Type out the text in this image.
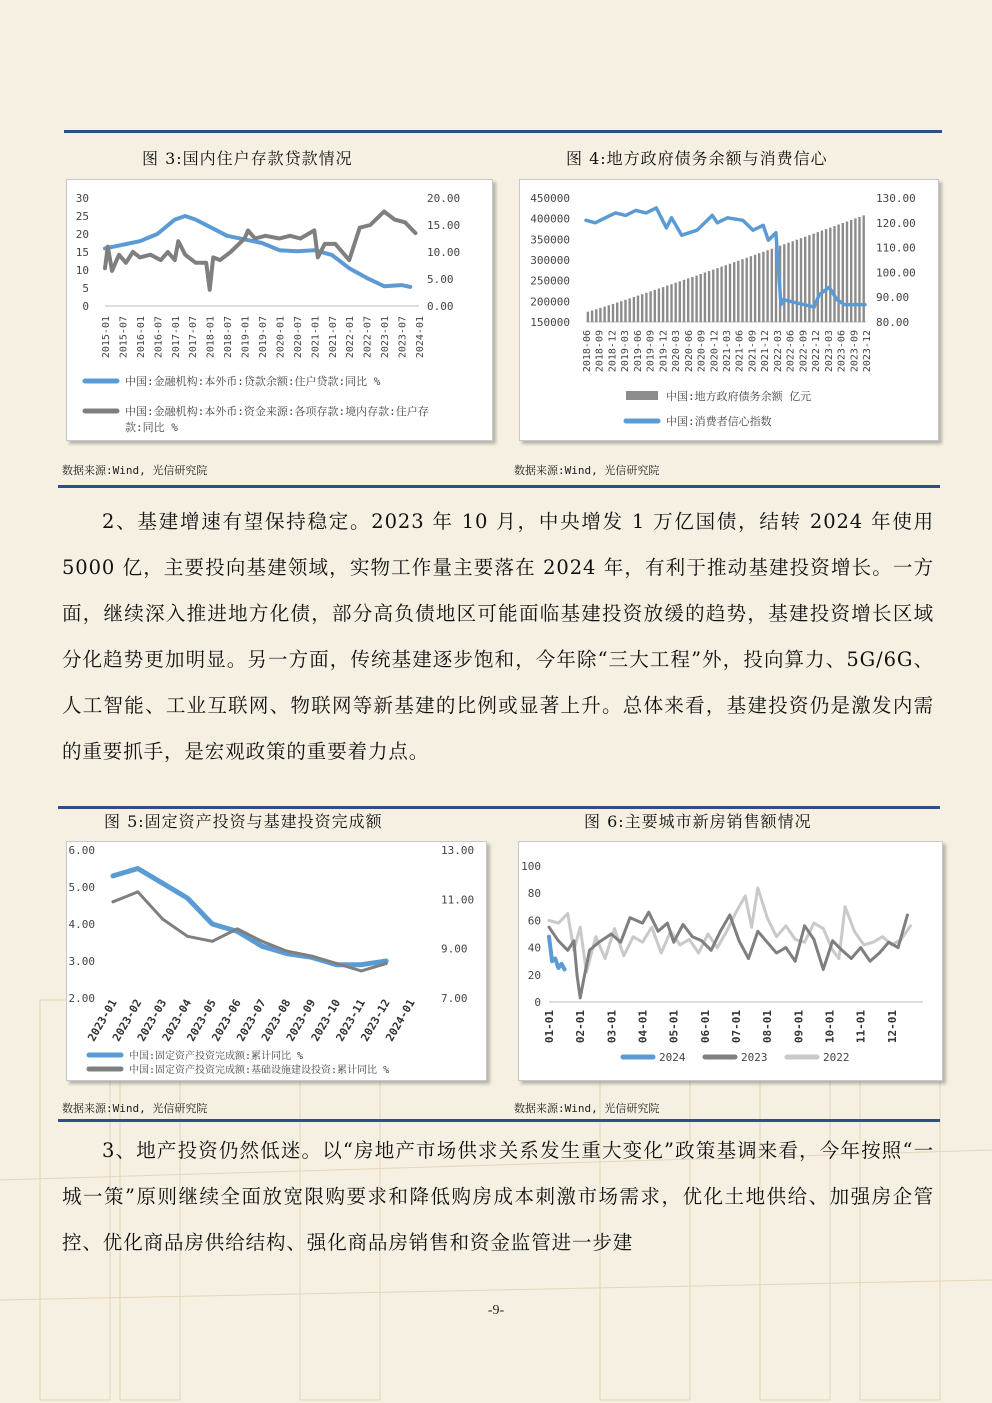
图 3:国内住户存款贷款情况	图 4:地方政府债务余额与消费信心
30
25
20
15
10
5
0
20.00
15.00
10.00
5.00
0.00
2015-01 2015-07 2016-01 2016-07 2017-01 2017-07 2018-01 2018-07 2019-01 2019-07 2020-01 2020-07 2021-01 2021-07 2022-01 2022-07 2023-01 2023-07 2024-01
中国:金融机构:本外币:贷款余额:住户贷款:同比 %
中国:金融机构:本外币:资金来源:各项存款:境内存款:住户存款:同比 %
450000
400000
350000
300000
250000
200000
150000
130.00
120.00
110.00
100.00
90.00
80.00
2018-06 2018-09 2018-12 2019-03 2019-06 2019-09 2019-12 2020-03 2020-06 2020-09 2020-12 2021-03 2021-06 2021-09 2021-12 2022-03 2022-06 2022-09 2022-12 2023-03 2023-06 2023-09 2023-12
中国:地方政府债务余额 亿元
中国:消费者信心指数
数据来源:Wind, 光信研究院	数据来源:Wind, 光信研究院

2、基建增速有望保持稳定。2023 年 10 月，中央增发 1 万亿国债，结转 2024 年使用 5000 亿，主要投向基建领域，实物工作量主要落在 2024 年，有利于推动基建投资增长。一方面，继续深入推进地方化债，部分高负债地区可能面临基建投资放缓的趋势，基建投资增长区域分化趋势更加明显。另一方面，传统基建逐步饱和，今年除“三大工程”外，投向算力、5G/6G、人工智能、工业互联网、物联网等新基建的比例或显著上升。总体来看，基建投资仍是激发内需的重要抓手，是宏观政策的重要着力点。

图 5:固定资产投资与基建投资完成额	图 6:主要城市新房销售额情况
6.00
5.00
4.00
3.00
2.00
13.00
11.00
9.00
7.00
2023-01
2023-02
2023-03
2023-04
2023-05
2023-06
2023-07
2023-08
2023-09
2023-10
2023-11
2023-12
2024-01
中国:固定资产投资完成额:累计同比 %
中国:固定资产投资完成额:基础设施建设投资:累计同比 %
100
80
60
40
20
0
01-01 02-01 03-01 04-01 05-01 06-01 07-01 08-01 09-01 10-01 11-01 12-01
2024	2023	2022
数据来源:Wind, 光信研究院	数据来源:Wind, 光信研究院

3、地产投资仍然低迷。以“房地产市场供求关系发生重大变化”政策基调来看，今年按照“一城一策”原则继续全面放宽限购要求和降低购房成本刺激市场需求，优化土地供给、加强房企管控、优化商品房供给结构、强化商品房销售和资金监管进一步建

-9-
